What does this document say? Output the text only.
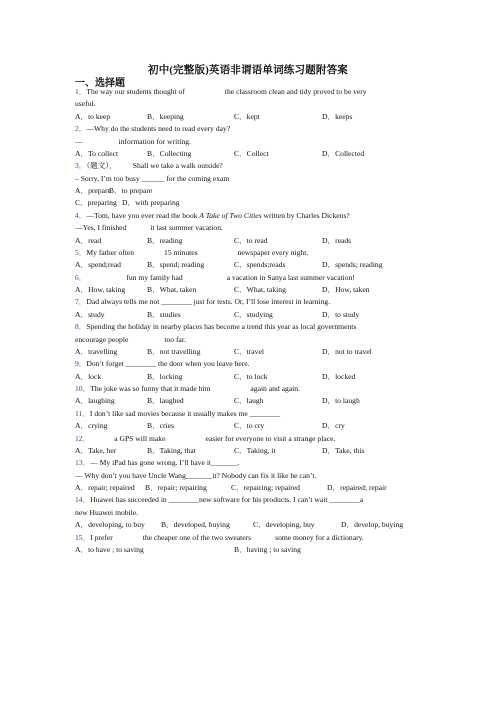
初中(完整版)英语非谓语单词练习题附答案
一、选择题
1．The way our students thought of	the classroom clean and tidy proved to be very
useful.
A．to keep	B．keeping	C．kept	D．keeps
2．—Why do the students need to read every day?
—	information for writing.
A．To collect	B．Collecting	C．Collect	D．Collected
3．（题文）． Shall we take a walk outside?
– Sorry, I’m too busy ______ for the coming exam
A．prepareB．to prepare
C．preparing D．with preparing
4．—Tom, have you ever read the book A Take of Two Cities written by Charles Dickens?
—Yes, I finished	it last summer vacation.
A．read	B．reading	C．to read	D．reads
5．My father often	15 minutes	newspaper every night.
A．spend;read	B．spend; reading	C．spends;reads	D．spends; reading
6．	fun my family had	a vacation in Sanya last summer vacation!
A．How, taking	B．What, taken	C．What, taking	D．How, taken
7．Dad always tells me not ________ just for tests. Or, I’ll lose interest in learning.
A．study	B．studies	C．studying	D．to study
8．Spending the holiday in nearby places has become a trend this year as local governments
encourage people	too far.
A．travelling	B．not travelling	C．travel	D．not to travel
9．Don’t forget ________ the door when you leave here.
A．lock	B．locking	C．to lock	D．locked
10．The joke was so funny that it made him	again and again.
A．laughing	B．laughed	C．laugh	D．to laugh
11．I don’t like sad movies because it usually makes me ________
A．crying	B．cries	C．to cry	D．cry
12．	a GPS will make	easier for everyone to visit a strange place.
A．Take, her	B．Taking, that	C．Taking, it	D．Take, this
13．— My iPad has gone wrong. I’ll have it_______.
— Why don’t you have Uncle Wang_______it? Nobody can fix it like he can’t.
A．repair; repaired B．repair; repairing	C．repairing; repaired	D．repaired; repair
14．Huawei has succeeded in ________new software for his products. I can’t wait ________a
new Huawei mobile.
A．developing, to buy B．developed, buying	C．developing, buy	D．develop, buying
15．I prefer	the cheaper one of the two sweaters	some money for a dictionary.
A．to have ; to saving	B．having ; to saving
